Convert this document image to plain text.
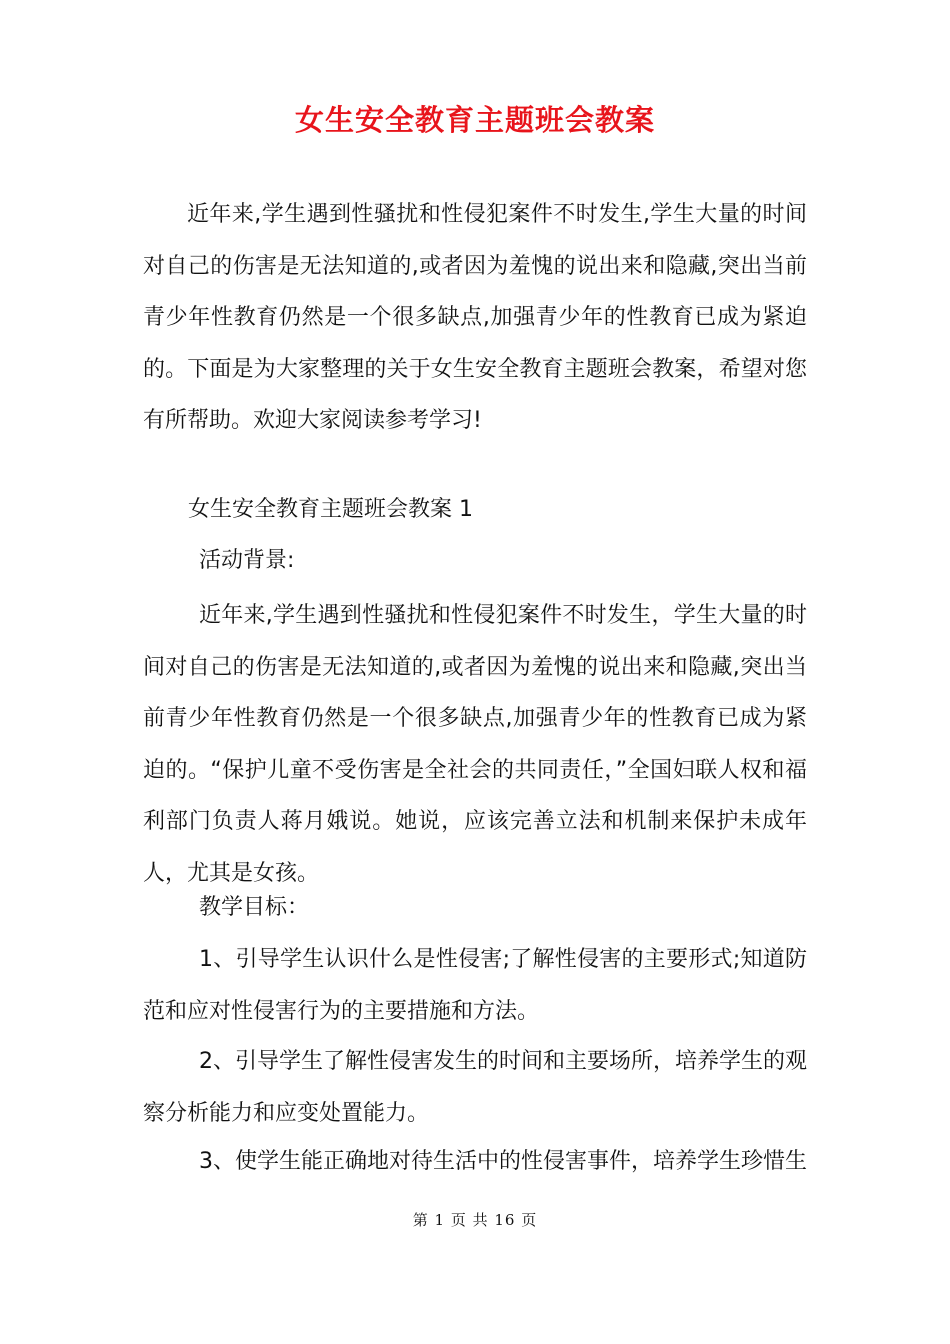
女生安全教育主题班会教案

近年来,学生遇到性骚扰和性侵犯案件不时发生,学生大量的时间对自己的伤害是无法知道的,或者因为羞愧的说出来和隐藏,突出当前青少年性教育仍然是一个很多缺点,加强青少年的性教育已成为紧迫的。下面是为大家整理的关于女生安全教育主题班会教案，希望对您有所帮助。欢迎大家阅读参考学习!

女生安全教育主题班会教案 1

活动背景:

近年来,学生遇到性骚扰和性侵犯案件不时发生，学生大量的时间对自己的伤害是无法知道的,或者因为羞愧的说出来和隐藏,突出当前青少年性教育仍然是一个很多缺点,加强青少年的性教育已成为紧迫的。“保护儿童不受伤害是全社会的共同责任，”全国妇联人权和福利部门负责人蒋月娥说。她说，应该完善立法和机制来保护未成年人，尤其是女孩。

教学目标：

1、引导学生认识什么是性侵害;了解性侵害的主要形式;知道防范和应对性侵害行为的主要措施和方法。

2、引导学生了解性侵害发生的时间和主要场所，培养学生的观察分析能力和应变处置能力。

3、使学生能正确地对待生活中的性侵害事件，培养学生珍惜生

第 1 页 共 16 页
